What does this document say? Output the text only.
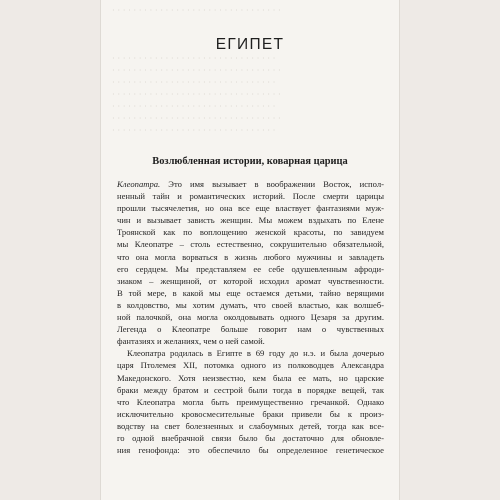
· · · · · · · · · · · · · · · · · · · · · · · · · · · · · · · ·

· · · · · · · · · · · · · · · · · · · · · · · · · · · · · · ·
· · · · · · · · · · · · · · · · · · · · · · · · · · · · · · · ·
· · · · · · · · · · · · · · · · · · · · · · · · · · · · · · ·
· · · · · · · · · · · · · · · · · · · · · · · · · · · · · · · ·
· · · · · · · · · · · · · · · · · · · · · · · · · · · · · · ·
· · · · · · · · · · · · · · · · · · · · · · · · · · · · · · · ·
· · · · · · · · · · · · · · · · · · · · · · · · · · · · · · ·
ЕГИПЕТ
Возлюбленная истории, коварная царица
Клеопатра. Это имя вызывает в воображении Восток, испол-
ненный тайн и романтических историй. После смерти царицы
прошли тысячелетия, но она все еще властвует фантазиями муж-
чин и вызывает зависть женщин. Мы можем вздыхать по Елене
Троянской как по воплощению женской красоты, по завидуем
мы Клеопатре – столь естественно, сокрушительно обязательной,
что она могла ворваться в жизнь любого мужчины и завладеть
его сердцем. Мы представляем ее себе одушевленным афроди-
зиаком – женщиной, от которой исходил аромат чувственности.
В той мере, в какой мы еще остаемся детьми, тайно верящими
в колдовство, мы хотим думать, что своей властью, как волшеб-
ной палочкой, она могла околдовывать одного Цезаря за другим.
Легенда о Клеопатре больше говорит нам о чувственных
фантазиях и желаниях, чем о ней самой.
Клеопатра родилась в Египте в 69 году до н.э. и была дочерью
царя Птолемея XII, потомка одного из полководцев Александра
Македонского. Хотя неизвестно, кем была ее мать, но царские
браки между братом и сестрой были тогда в порядке вещей, так
что Клеопатра могла быть преимущественно гречанкой. Однако
исключительно кровосмесительные браки привели бы к произ-
водству на свет болезненных и слабоумных детей, тогда как все-
го одной внебрачной связи было бы достаточно для обновле-
ния генофонда: это обеспечило бы определенное генетическое
